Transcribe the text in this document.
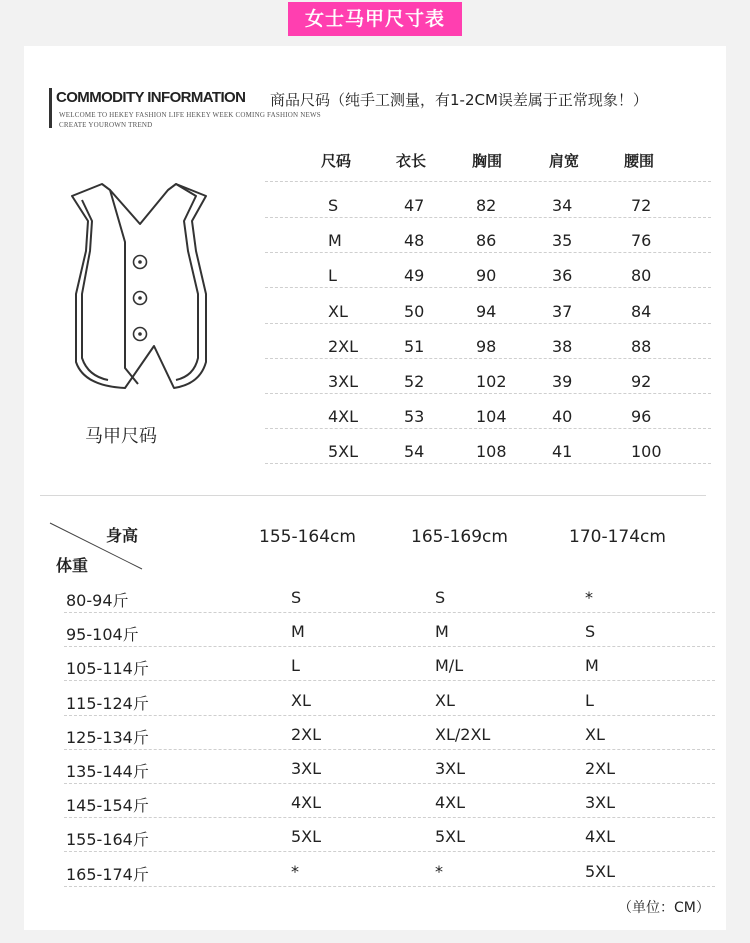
女士马甲尺寸表
COMMODITY INFORMATION 商品尺码（纯手工测量，有1-2CM误差属于正常现象！）
WELCOME TO HEKEY FASHION LIFE HEKEY WEEK COMING FASHION NEWS
CREATE YOUROWN TREND
马甲尺码
尺码	衣长	胸围	肩宽	腰围
S	47	82	34	72
M	48	86	35	76
L	49	90	36	80
XL	50	94	37	84
2XL	51	98	38	88
3XL	52	102	39	92
4XL	53	104	40	96
5XL	54	108	41	100
身高
体重
155-164cm	165-169cm	170-174cm
80-94斤	S	S	*
95-104斤	M	M	S
105-114斤	L	M/L	M
115-124斤	XL	XL	L
125-134斤	2XL	XL/2XL	XL
135-144斤	3XL	3XL	2XL
145-154斤	4XL	4XL	3XL
155-164斤	5XL	5XL	4XL
165-174斤	*	*	5XL
（单位：CM）
